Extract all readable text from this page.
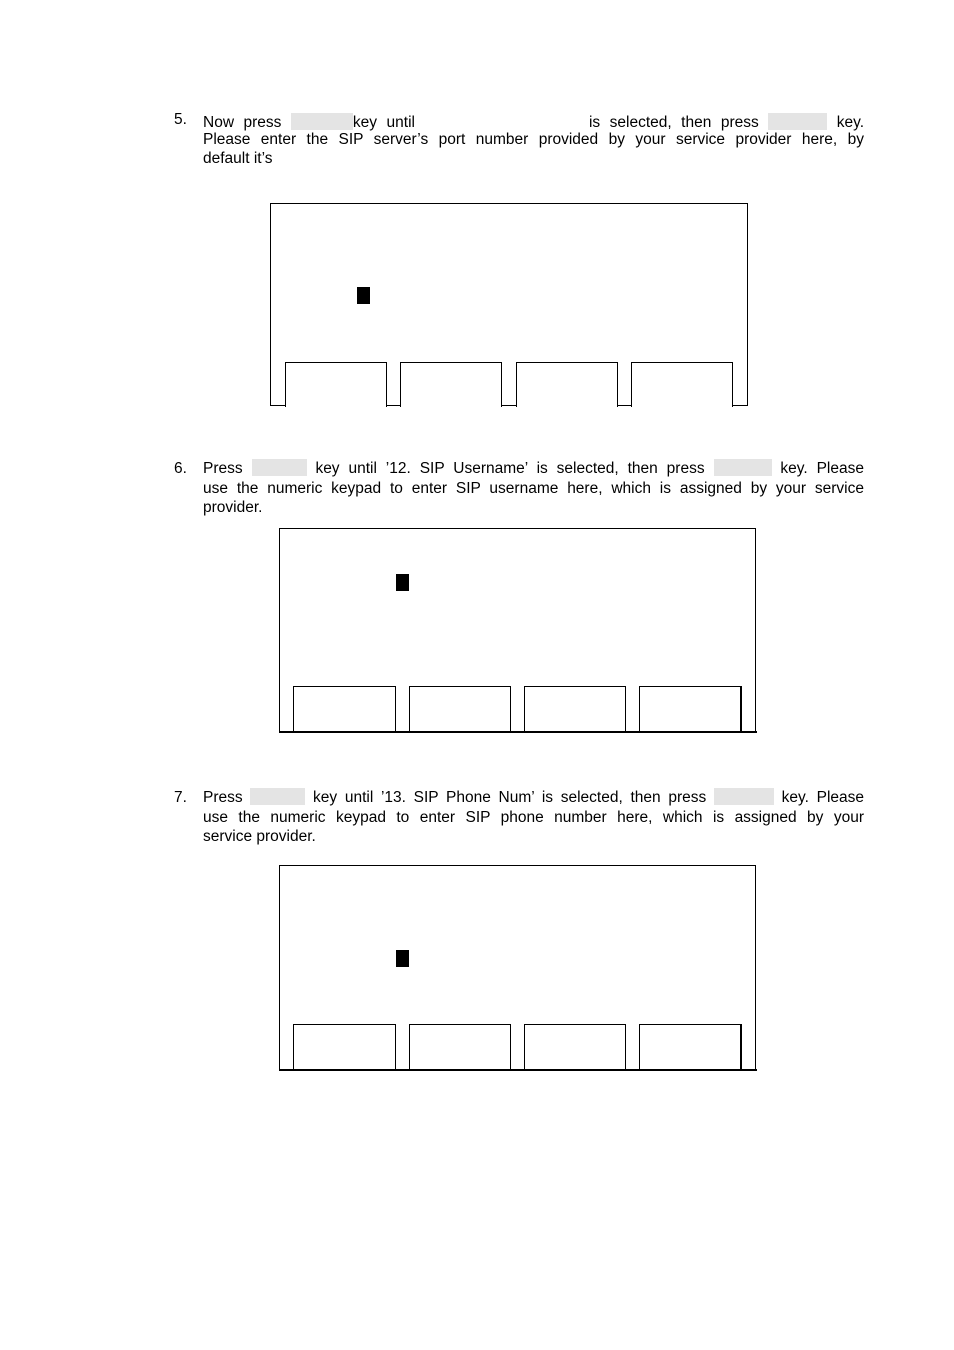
5. Now press	key until	is selected, then press	key.
Please enter the SIP server’s port number provided by your service provider here, by
default it’s
6. Press	key until ’12. SIP Username’ is selected, then press	key. Please
use the numeric keypad to enter SIP username here, which is assigned by your service
provider.
7. Press	key until ’13. SIP Phone Num’ is selected, then press	key. Please
use the numeric keypad to enter SIP phone number here, which is assigned by your
service provider.
